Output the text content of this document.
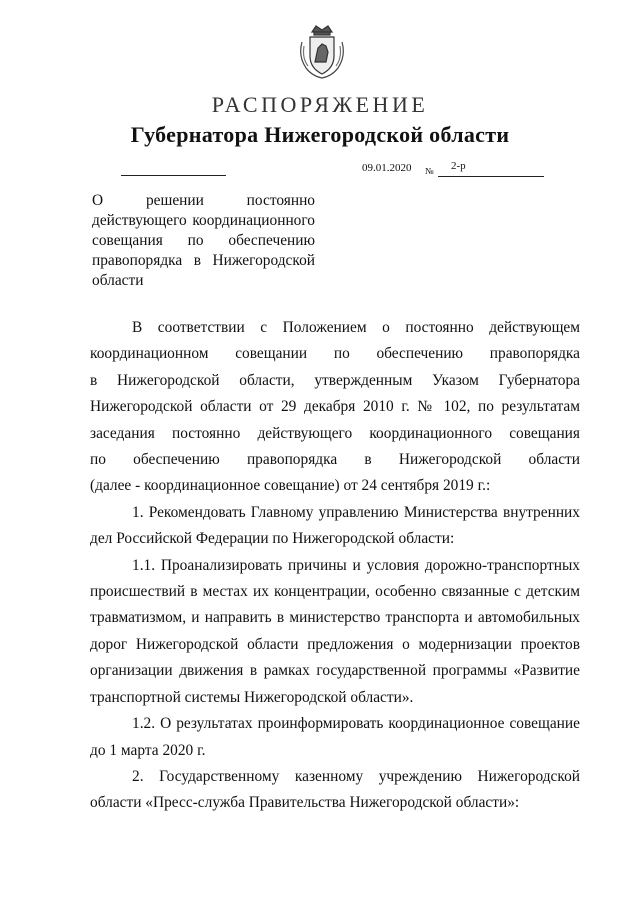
РАСПОРЯЖЕНИЕ
Губернатора Нижегородской области
09.01.2020 № 2-р
О решении постоянно
действующего координационного
совещания по обеспечению
правопорядка в Нижегородской
области
В соответствии с Положением о постоянно действующем
координационном совещании по обеспечению правопорядка
в Нижегородской области, утвержденным Указом Губернатора
Нижегородской области от 29 декабря 2010 г. № 102, по результатам
заседания постоянно действующего координационного совещания
по обеспечению правопорядка в Нижегородской области
(далее - координационное совещание) от 24 сентября 2019 г.:
1. Рекомендовать Главному управлению Министерства внутренних
дел Российской Федерации по Нижегородской области:
1.1. Проанализировать причины и условия дорожно-транспортных
происшествий в местах их концентрации, особенно связанные с детским
травматизмом, и направить в министерство транспорта и автомобильных
дорог Нижегородской области предложения о модернизации проектов
организации движения в рамках государственной программы «Развитие
транспортной системы Нижегородской области».
1.2. О результатах проинформировать координационное совещание
до 1 марта 2020 г.
2. Государственному казенному учреждению Нижегородской
области «Пресс-служба Правительства Нижегородской области»:
